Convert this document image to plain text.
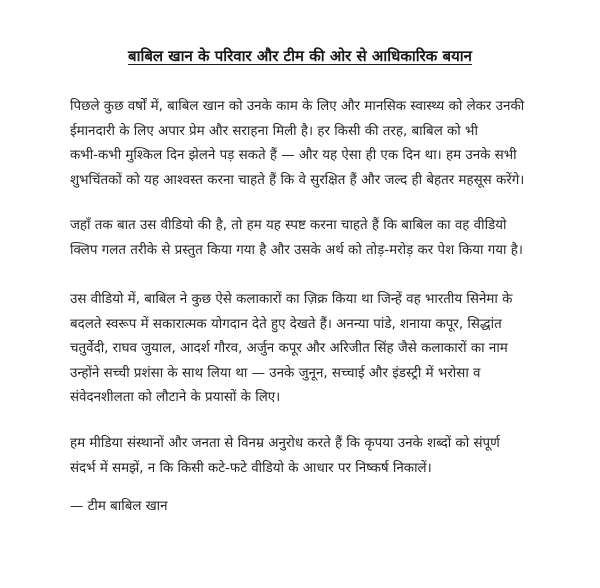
बाबिल खान के परिवार और टीम की ओर से आधिकारिक बयान
पिछले कुछ वर्षों में, बाबिल खान को उनके काम के लिए और मानसिक स्वास्थ्य को लेकर उनकी
ईमानदारी के लिए अपार प्रेम और सराहना मिली है। हर किसी की तरह, बाबिल को भी
कभी-कभी मुश्किल दिन झेलने पड़ सकते हैं — और यह ऐसा ही एक दिन था। हम उनके सभी
शुभचिंतकों को यह आश्वस्त करना चाहते हैं कि वे सुरक्षित हैं और जल्द ही बेहतर महसूस करेंगे।
जहाँ तक बात उस वीडियो की है, तो हम यह स्पष्ट करना चाहते हैं कि बाबिल का वह वीडियो
क्लिप गलत तरीके से प्रस्तुत किया गया है और उसके अर्थ को तोड़-मरोड़ कर पेश किया गया है।
उस वीडियो में, बाबिल ने कुछ ऐसे कलाकारों का ज़िक्र किया था जिन्हें वह भारतीय सिनेमा के
बदलते स्वरूप में सकारात्मक योगदान देते हुए देखते हैं। अनन्या पांडे, शनाया कपूर, सिद्धांत
चतुर्वेदी, राघव जुयाल, आदर्श गौरव, अर्जुन कपूर और अरिजीत सिंह जैसे कलाकारों का नाम
उन्होंने सच्ची प्रशंसा के साथ लिया था — उनके जुनून, सच्चाई और इंडस्ट्री में भरोसा व
संवेदनशीलता को लौटाने के प्रयासों के लिए।
हम मीडिया संस्थानों और जनता से विनम्र अनुरोध करते हैं कि कृपया उनके शब्दों को संपूर्ण
संदर्भ में समझें, न कि किसी कटे-फटे वीडियो के आधार पर निष्कर्ष निकालें।
— टीम बाबिल खान
